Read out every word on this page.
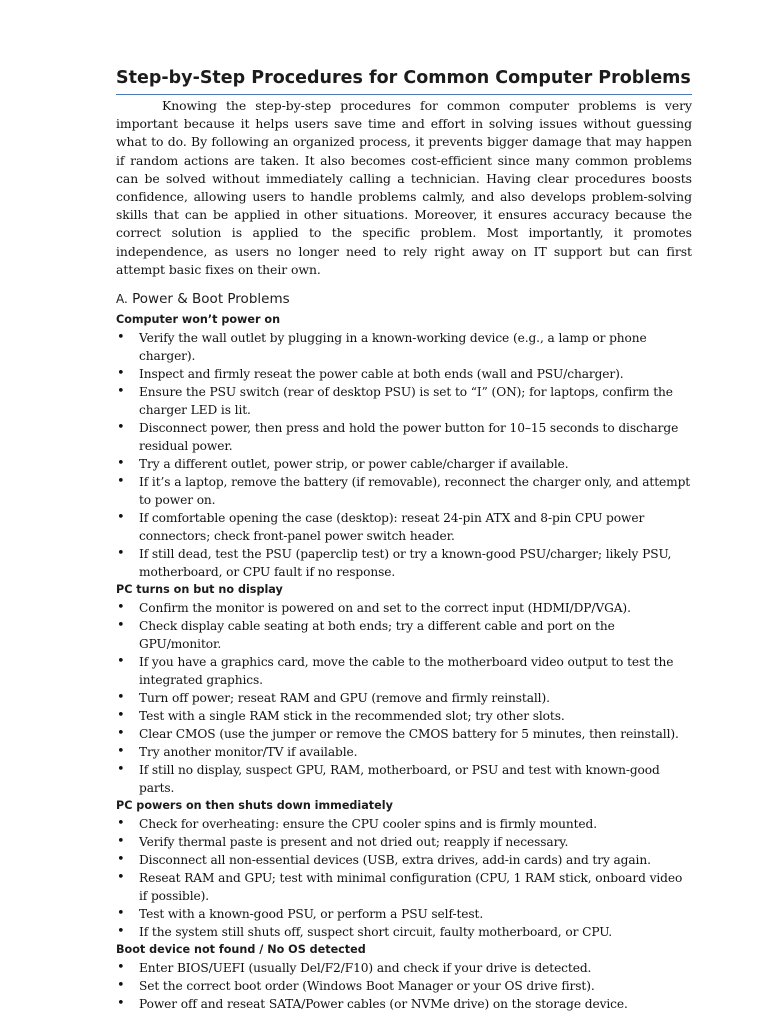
Step-by-Step Procedures for Common Computer Problems

Knowing the step-by-step procedures for common computer problems is very important because it helps users save time and effort in solving issues without guessing what to do. By following an organized process, it prevents bigger damage that may happen if random actions are taken. It also becomes cost-efficient since many common problems can be solved without immediately calling a technician. Having clear procedures boosts confidence, allowing users to handle problems calmly, and also develops problem-solving skills that can be applied in other situations. Moreover, it ensures accuracy because the correct solution is applied to the specific problem. Most importantly, it promotes independence, as users no longer need to rely right away on IT support but can first attempt basic fixes on their own.

A. Power & Boot Problems
Computer won’t power on
• Verify the wall outlet by plugging in a known-working device (e.g., a lamp or phone charger).
• Inspect and firmly reseat the power cable at both ends (wall and PSU/charger).
• Ensure the PSU switch (rear of desktop PSU) is set to “I” (ON); for laptops, confirm the charger LED is lit.
• Disconnect power, then press and hold the power button for 10–15 seconds to discharge residual power.
• Try a different outlet, power strip, or power cable/charger if available.
• If it’s a laptop, remove the battery (if removable), reconnect the charger only, and attempt to power on.
• If comfortable opening the case (desktop): reseat 24-pin ATX and 8-pin CPU power connectors; check front-panel power switch header.
• If still dead, test the PSU (paperclip test) or try a known-good PSU/charger; likely PSU, motherboard, or CPU fault if no response.
PC turns on but no display
• Confirm the monitor is powered on and set to the correct input (HDMI/DP/VGA).
• Check display cable seating at both ends; try a different cable and port on the GPU/monitor.
• If you have a graphics card, move the cable to the motherboard video output to test the integrated graphics.
• Turn off power; reseat RAM and GPU (remove and firmly reinstall).
• Test with a single RAM stick in the recommended slot; try other slots.
• Clear CMOS (use the jumper or remove the CMOS battery for 5 minutes, then reinstall).
• Try another monitor/TV if available.
• If still no display, suspect GPU, RAM, motherboard, or PSU and test with known-good parts.
PC powers on then shuts down immediately
• Check for overheating: ensure the CPU cooler spins and is firmly mounted.
• Verify thermal paste is present and not dried out; reapply if necessary.
• Disconnect all non-essential devices (USB, extra drives, add-in cards) and try again.
• Reseat RAM and GPU; test with minimal configuration (CPU, 1 RAM stick, onboard video if possible).
• Test with a known-good PSU, or perform a PSU self-test.
• If the system still shuts off, suspect short circuit, faulty motherboard, or CPU.
Boot device not found / No OS detected
• Enter BIOS/UEFI (usually Del/F2/F10) and check if your drive is detected.
• Set the correct boot order (Windows Boot Manager or your OS drive first).
• Power off and reseat SATA/Power cables (or NVMe drive) on the storage device.
